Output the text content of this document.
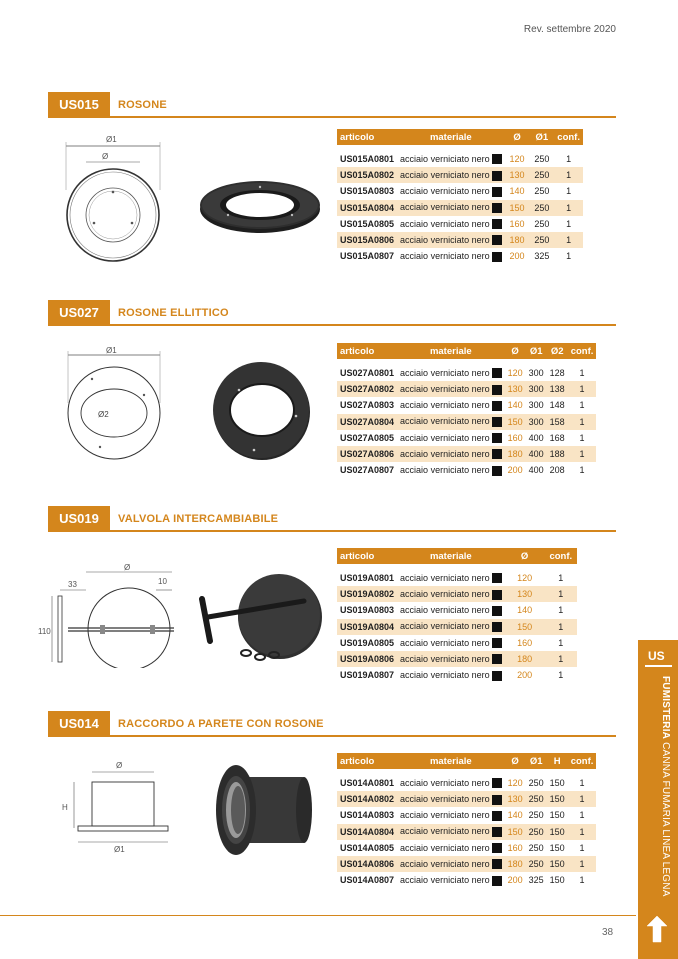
Rev. settembre 2020
US015	ROSONE
Ø1
Ø
articolo	materiale	Ø	Ø1	conf.

US015A0801	acciaio verniciato nero	120	250	1
US015A0802	acciaio verniciato nero	130	250	1
US015A0803	acciaio verniciato nero	140	250	1
US015A0804	acciaio verniciato nero	150	250	1
US015A0805	acciaio verniciato nero	160	250	1
US015A0806	acciaio verniciato nero	180	250	1
US015A0807	acciaio verniciato nero	200	325	1
US027	ROSONE ELLITTICO
Ø1
Ø2
articolo	materiale	Ø	Ø1	Ø2	conf.

US027A0801	acciaio verniciato nero	120	300	128	1
US027A0802	acciaio verniciato nero	130	300	138	1
US027A0803	acciaio verniciato nero	140	300	148	1
US027A0804	acciaio verniciato nero	150	300	158	1
US027A0805	acciaio verniciato nero	160	400	168	1
US027A0806	acciaio verniciato nero	180	400	188	1
US027A0807	acciaio verniciato nero	200	400	208	1
US019	VALVOLA INTERCAMBIABILE
Ø
33	10
110
articolo	materiale	Ø	conf.

US019A0801	acciaio verniciato nero	120	1
US019A0802	acciaio verniciato nero	130	1
US019A0803	acciaio verniciato nero	140	1
US019A0804	acciaio verniciato nero	150	1
US019A0805	acciaio verniciato nero	160	1
US019A0806	acciaio verniciato nero	180	1
US019A0807	acciaio verniciato nero	200	1
US014	RACCORDO A PARETE CON ROSONE
Ø
H
Ø1
articolo	materiale	Ø	Ø1	H	conf.

US014A0801	acciaio verniciato nero	120	250	150	1
US014A0802	acciaio verniciato nero	130	250	150	1
US014A0803	acciaio verniciato nero	140	250	150	1
US014A0804	acciaio verniciato nero	150	250	150	1
US014A0805	acciaio verniciato nero	160	250	150	1
US014A0806	acciaio verniciato nero	180	250	150	1
US014A0807	acciaio verniciato nero	200	325	150	1
US
FUMISTERIA CANNA FUMARIA LINEA LEGNA
38
